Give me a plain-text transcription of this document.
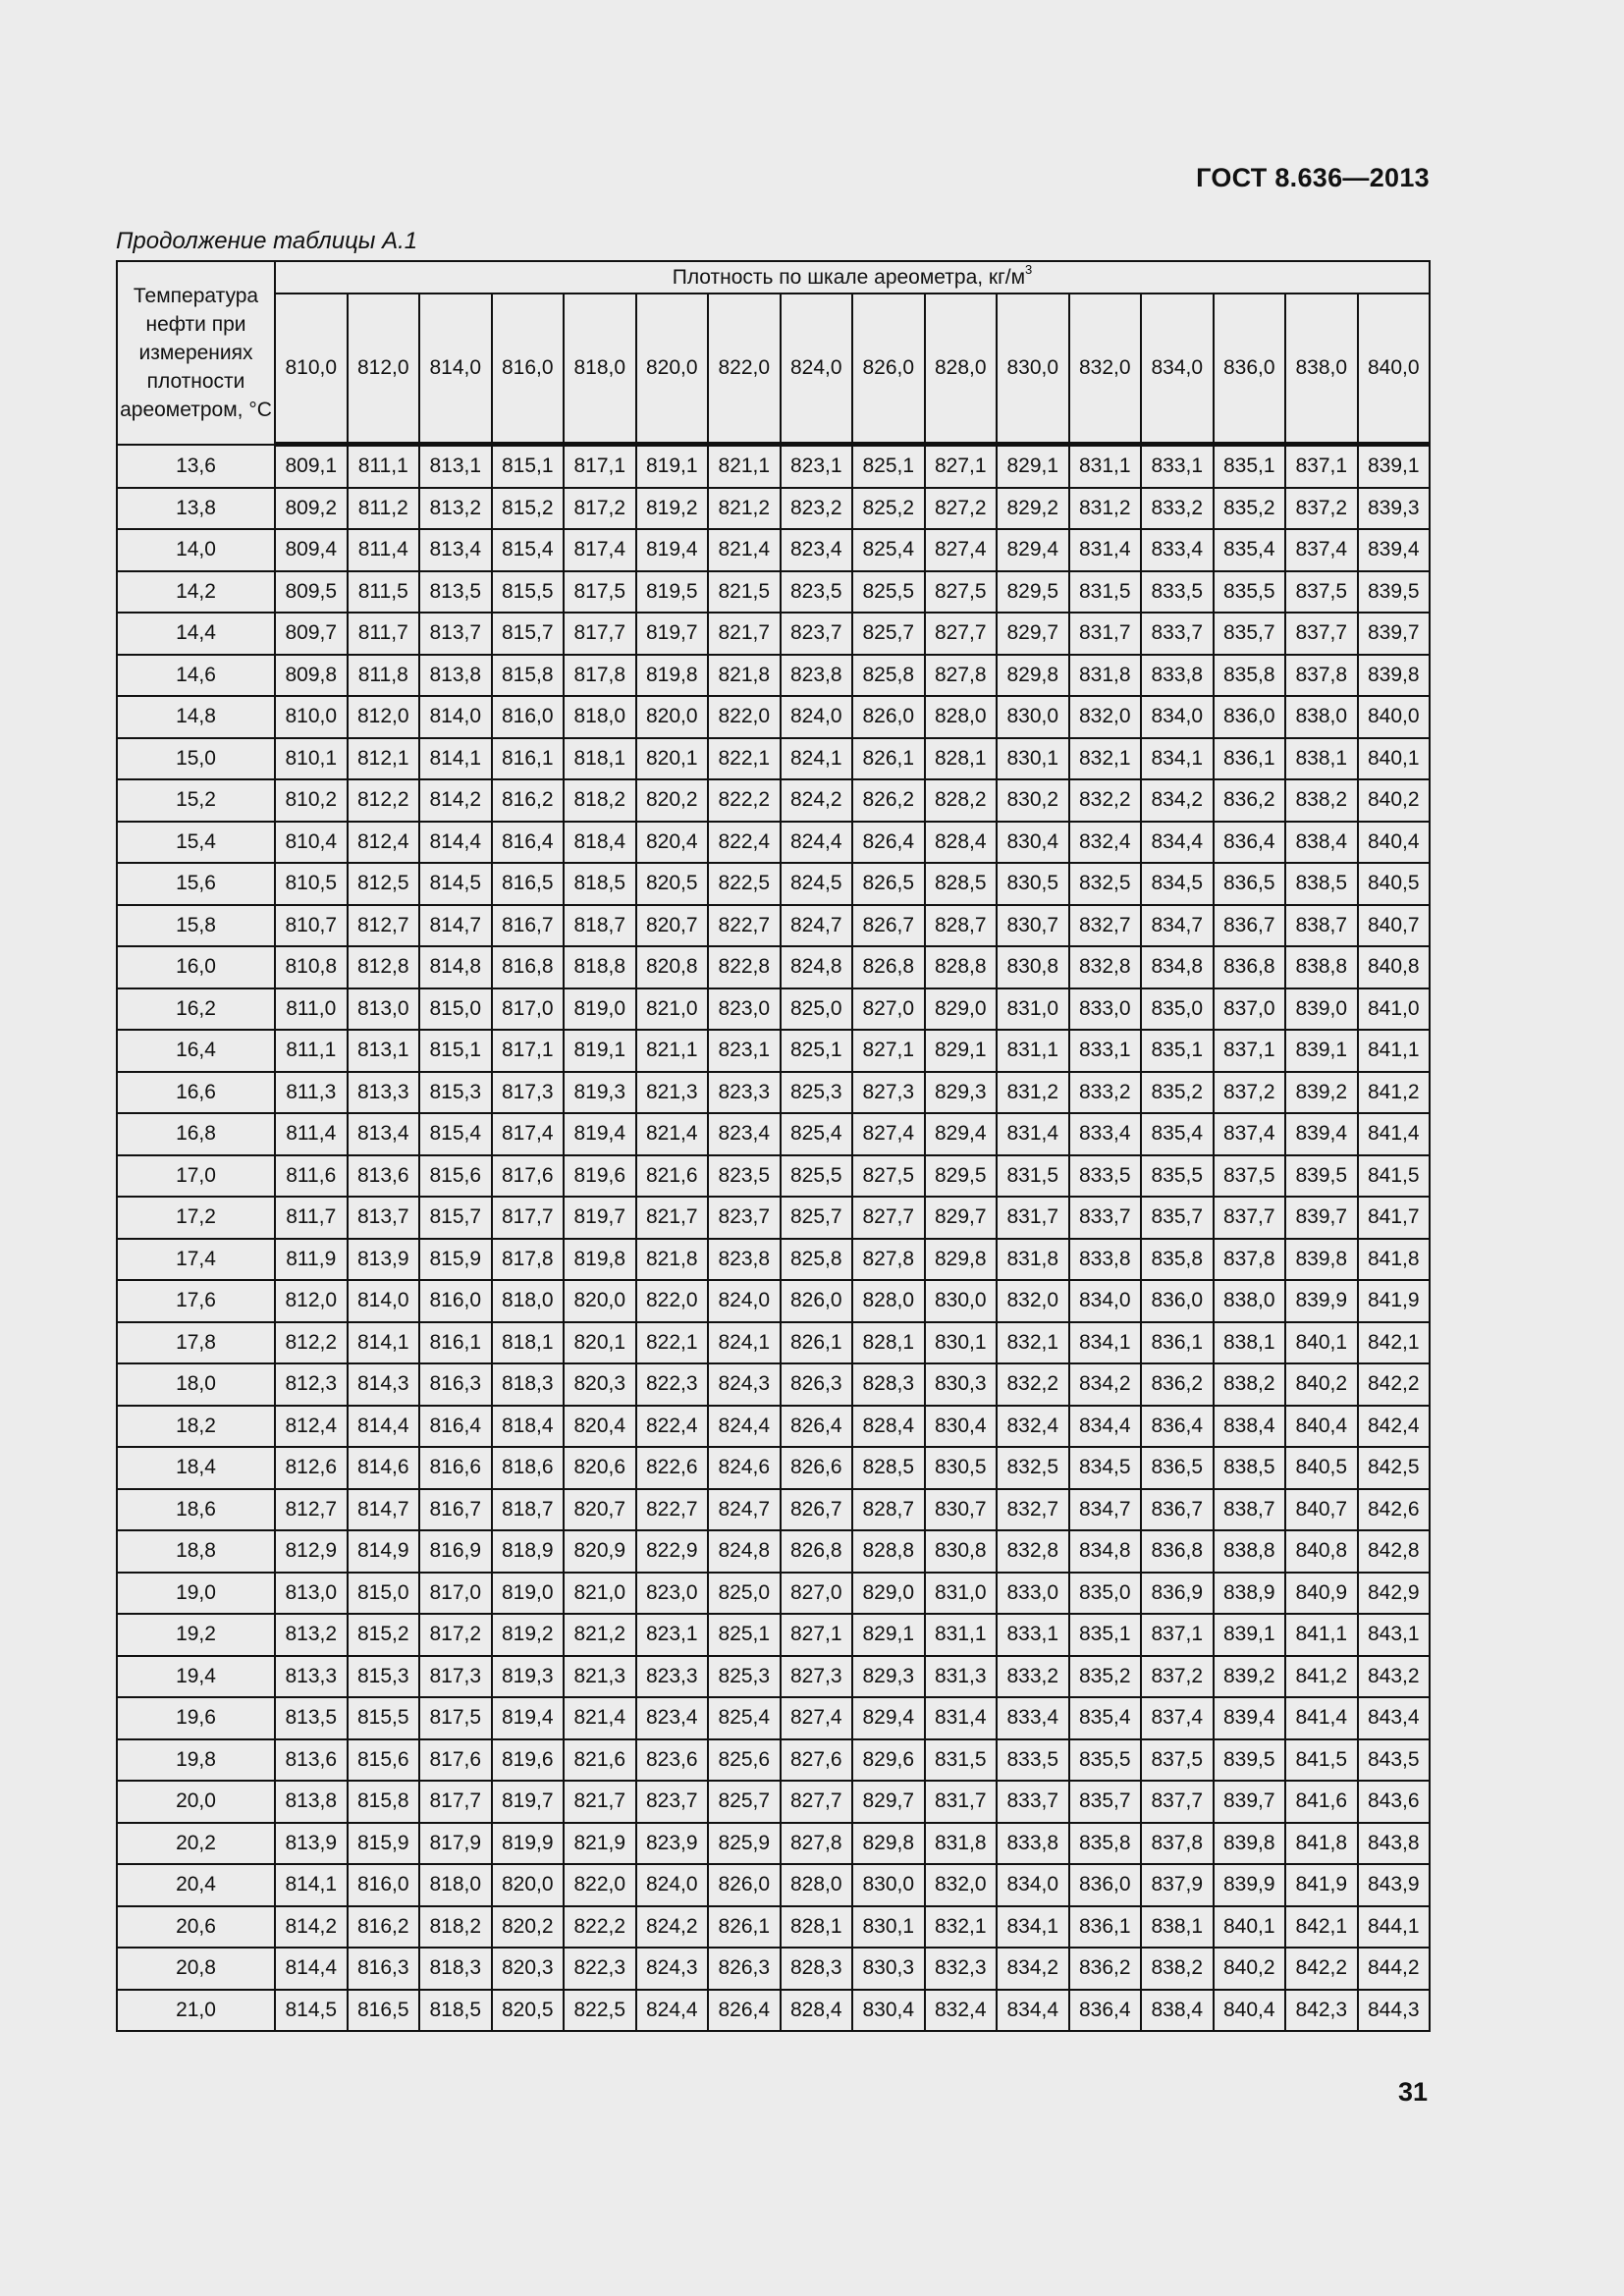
ГОСТ 8.636—2013
Продолжение таблицы А.1
Температура нефти при измерениях плотности ареометром, °С	Плотность по шкале ареометра, $кг/м^3$
	810,0	812,0	814,0	816,0	818,0	820,0	822,0	824,0	826,0	828,0	830,0	832,0	834,0	836,0	838,0	840,0
13,6	809,1	811,1	813,1	815,1	817,1	819,1	821,1	823,1	825,1	827,1	829,1	831,1	833,1	835,1	837,1	839,1
13,8	809,2	811,2	813,2	815,2	817,2	819,2	821,2	823,2	825,2	827,2	829,2	831,2	833,2	835,2	837,2	839,3
14,0	809,4	811,4	813,4	815,4	817,4	819,4	821,4	823,4	825,4	827,4	829,4	831,4	833,4	835,4	837,4	839,4
14,2	809,5	811,5	813,5	815,5	817,5	819,5	821,5	823,5	825,5	827,5	829,5	831,5	833,5	835,5	837,5	839,5
14,4	809,7	811,7	813,7	815,7	817,7	819,7	821,7	823,7	825,7	827,7	829,7	831,7	833,7	835,7	837,7	839,7
14,6	809,8	811,8	813,8	815,8	817,8	819,8	821,8	823,8	825,8	827,8	829,8	831,8	833,8	835,8	837,8	839,8
14,8	810,0	812,0	814,0	816,0	818,0	820,0	822,0	824,0	826,0	828,0	830,0	832,0	834,0	836,0	838,0	840,0
15,0	810,1	812,1	814,1	816,1	818,1	820,1	822,1	824,1	826,1	828,1	830,1	832,1	834,1	836,1	838,1	840,1
15,2	810,2	812,2	814,2	816,2	818,2	820,2	822,2	824,2	826,2	828,2	830,2	832,2	834,2	836,2	838,2	840,2
15,4	810,4	812,4	814,4	816,4	818,4	820,4	822,4	824,4	826,4	828,4	830,4	832,4	834,4	836,4	838,4	840,4
15,6	810,5	812,5	814,5	816,5	818,5	820,5	822,5	824,5	826,5	828,5	830,5	832,5	834,5	836,5	838,5	840,5
15,8	810,7	812,7	814,7	816,7	818,7	820,7	822,7	824,7	826,7	828,7	830,7	832,7	834,7	836,7	838,7	840,7
16,0	810,8	812,8	814,8	816,8	818,8	820,8	822,8	824,8	826,8	828,8	830,8	832,8	834,8	836,8	838,8	840,8
16,2	811,0	813,0	815,0	817,0	819,0	821,0	823,0	825,0	827,0	829,0	831,0	833,0	835,0	837,0	839,0	841,0
16,4	811,1	813,1	815,1	817,1	819,1	821,1	823,1	825,1	827,1	829,1	831,1	833,1	835,1	837,1	839,1	841,1
16,6	811,3	813,3	815,3	817,3	819,3	821,3	823,3	825,3	827,3	829,3	831,2	833,2	835,2	837,2	839,2	841,2
16,8	811,4	813,4	815,4	817,4	819,4	821,4	823,4	825,4	827,4	829,4	831,4	833,4	835,4	837,4	839,4	841,4
17,0	811,6	813,6	815,6	817,6	819,6	821,6	823,5	825,5	827,5	829,5	831,5	833,5	835,5	837,5	839,5	841,5
17,2	811,7	813,7	815,7	817,7	819,7	821,7	823,7	825,7	827,7	829,7	831,7	833,7	835,7	837,7	839,7	841,7
17,4	811,9	813,9	815,9	817,8	819,8	821,8	823,8	825,8	827,8	829,8	831,8	833,8	835,8	837,8	839,8	841,8
17,6	812,0	814,0	816,0	818,0	820,0	822,0	824,0	826,0	828,0	830,0	832,0	834,0	836,0	838,0	839,9	841,9
17,8	812,2	814,1	816,1	818,1	820,1	822,1	824,1	826,1	828,1	830,1	832,1	834,1	836,1	838,1	840,1	842,1
18,0	812,3	814,3	816,3	818,3	820,3	822,3	824,3	826,3	828,3	830,3	832,2	834,2	836,2	838,2	840,2	842,2
18,2	812,4	814,4	816,4	818,4	820,4	822,4	824,4	826,4	828,4	830,4	832,4	834,4	836,4	838,4	840,4	842,4
18,4	812,6	814,6	816,6	818,6	820,6	822,6	824,6	826,6	828,5	830,5	832,5	834,5	836,5	838,5	840,5	842,5
18,6	812,7	814,7	816,7	818,7	820,7	822,7	824,7	826,7	828,7	830,7	832,7	834,7	836,7	838,7	840,7	842,6
18,8	812,9	814,9	816,9	818,9	820,9	822,9	824,8	826,8	828,8	830,8	832,8	834,8	836,8	838,8	840,8	842,8
19,0	813,0	815,0	817,0	819,0	821,0	823,0	825,0	827,0	829,0	831,0	833,0	835,0	836,9	838,9	840,9	842,9
19,2	813,2	815,2	817,2	819,2	821,2	823,1	825,1	827,1	829,1	831,1	833,1	835,1	837,1	839,1	841,1	843,1
19,4	813,3	815,3	817,3	819,3	821,3	823,3	825,3	827,3	829,3	831,3	833,2	835,2	837,2	839,2	841,2	843,2
19,6	813,5	815,5	817,5	819,4	821,4	823,4	825,4	827,4	829,4	831,4	833,4	835,4	837,4	839,4	841,4	843,4
19,8	813,6	815,6	817,6	819,6	821,6	823,6	825,6	827,6	829,6	831,5	833,5	835,5	837,5	839,5	841,5	843,5
20,0	813,8	815,8	817,7	819,7	821,7	823,7	825,7	827,7	829,7	831,7	833,7	835,7	837,7	839,7	841,6	843,6
20,2	813,9	815,9	817,9	819,9	821,9	823,9	825,9	827,8	829,8	831,8	833,8	835,8	837,8	839,8	841,8	843,8
20,4	814,1	816,0	818,0	820,0	822,0	824,0	826,0	828,0	830,0	832,0	834,0	836,0	837,9	839,9	841,9	843,9
20,6	814,2	816,2	818,2	820,2	822,2	824,2	826,1	828,1	830,1	832,1	834,1	836,1	838,1	840,1	842,1	844,1
20,8	814,4	816,3	818,3	820,3	822,3	824,3	826,3	828,3	830,3	832,3	834,2	836,2	838,2	840,2	842,2	844,2
21,0	814,5	816,5	818,5	820,5	822,5	824,4	826,4	828,4	830,4	832,4	834,4	836,4	838,4	840,4	842,3	844,3
31
